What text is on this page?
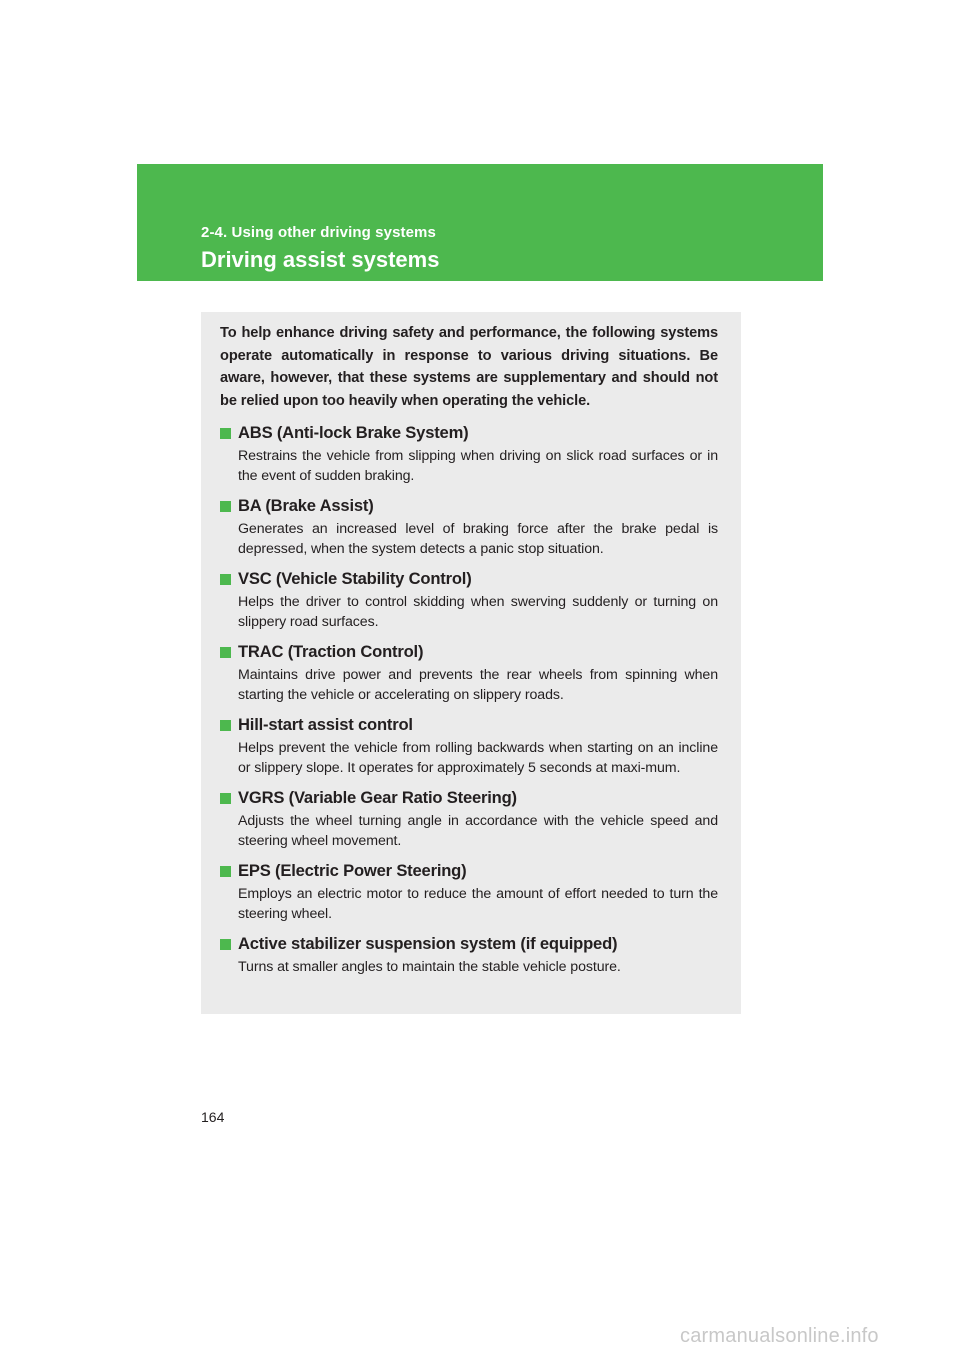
2-4. Using other driving systems
Driving assist systems

To help enhance driving safety and performance, the following systems operate automatically in response to various driving situations. Be aware, however, that these systems are supplementary and should not be relied upon too heavily when operating the vehicle.

ABS (Anti-lock Brake System)

Restrains the vehicle from slipping when driving on slick road surfaces or in the event of sudden braking.

BA (Brake Assist)

Generates an increased level of braking force after the brake pedal is depressed, when the system detects a panic stop situation.

VSC (Vehicle Stability Control)

Helps the driver to control skidding when swerving suddenly or turning on slippery road surfaces.

TRAC (Traction Control)

Maintains drive power and prevents the rear wheels from spinning when starting the vehicle or accelerating on slippery roads.

Hill-start assist control

Helps prevent the vehicle from rolling backwards when starting on an incline or slippery slope. It operates for approximately 5 seconds at maxi-mum.

VGRS (Variable Gear Ratio Steering)

Adjusts the wheel turning angle in accordance with the vehicle speed and steering wheel movement.

EPS (Electric Power Steering)

Employs an electric motor to reduce the amount of effort needed to turn the steering wheel.

Active stabilizer suspension system (if equipped)

Turns at smaller angles to maintain the stable vehicle posture.

164
carmanualsonline.info
